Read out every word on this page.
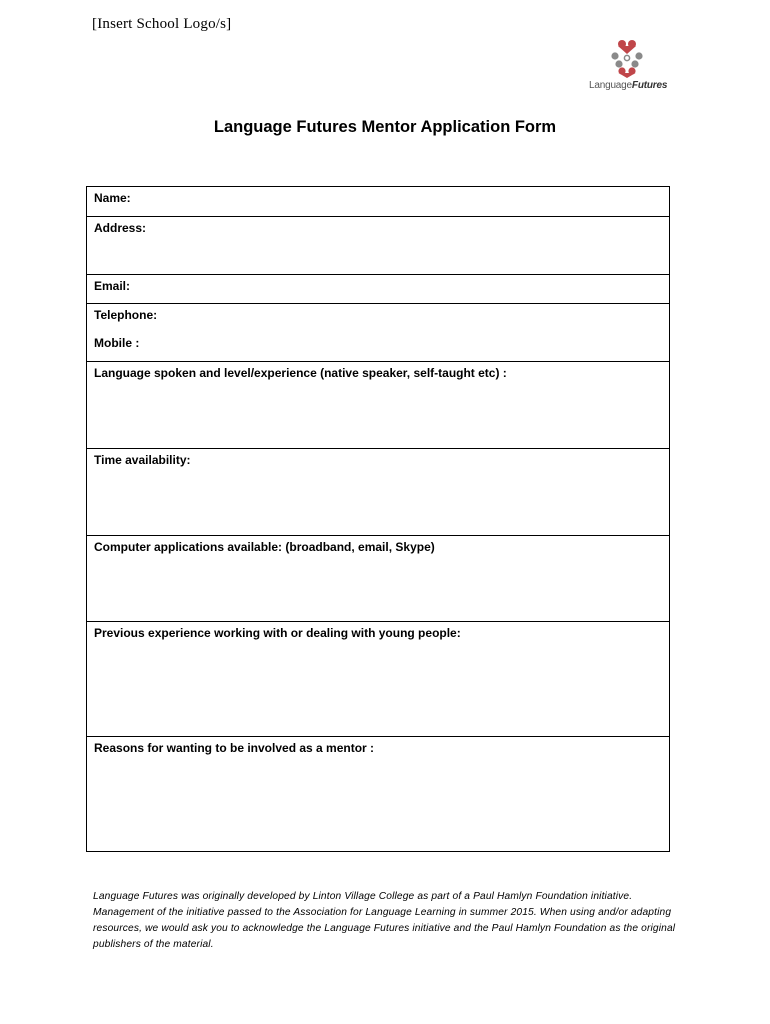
[Insert School Logo/s]
LanguageFutures
Language Futures Mentor Application Form
Name:
Address:
Email:
Telephone:
Mobile :

Language spoken and level/experience (native speaker, self-taught etc) :
Time availability:
Computer applications available: (broadband, email, Skype)
Previous experience working with or dealing with young people:
Reasons for wanting to be involved as a mentor :
Language Futures was originally developed by Linton Village College as part of a Paul Hamlyn Foundation initiative. Management of the initiative passed to the Association for Language Learning in summer 2015. When using and/or adapting resources, we would ask you to acknowledge the Language Futures initiative and the Paul Hamlyn Foundation as the original publishers of the material.
